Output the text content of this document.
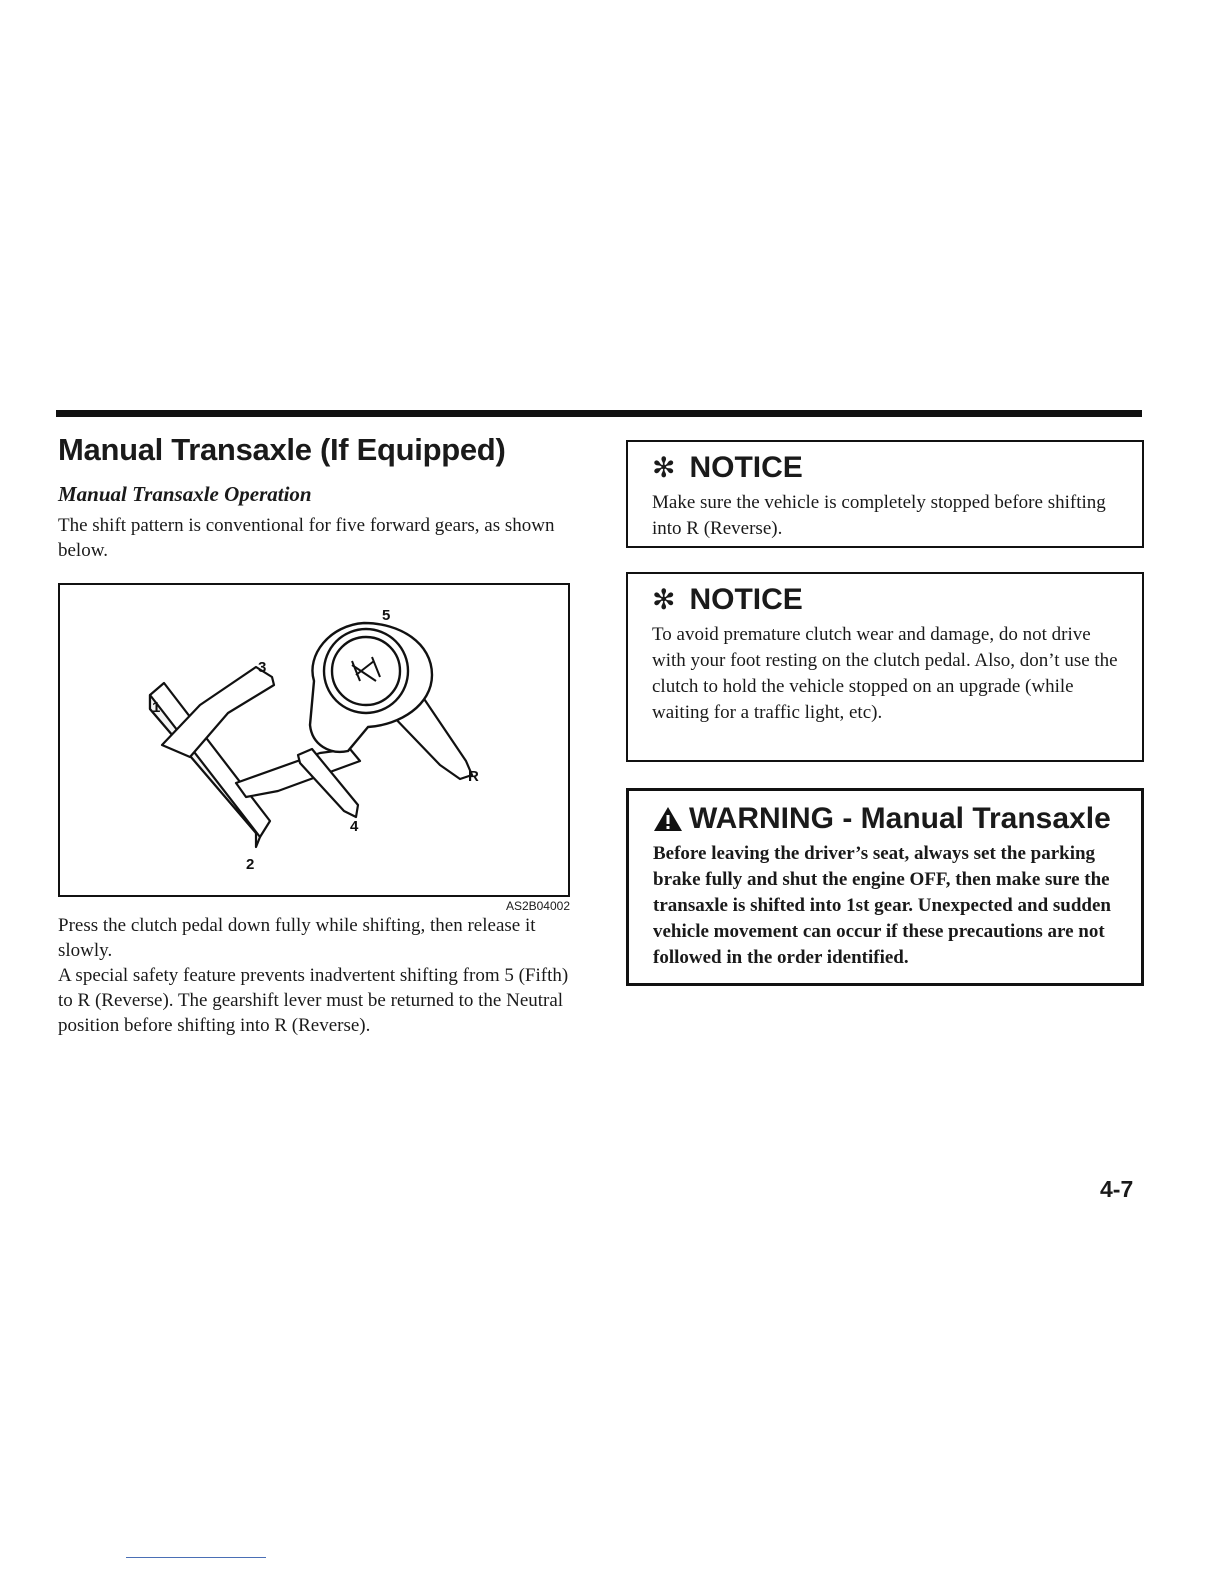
Manual Transaxle (If Equipped)
Manual Transaxle Operation

The shift pattern is conventional for five forward gears, as shown below.

1
2
3
4
5
R
AS2B04002

Press the clutch pedal down fully while shifting, then release it slowly.

A special safety feature prevents inadvertent shifting from 5 (Fifth) to R (Reverse). The gearshift lever must be returned to the Neutral position before shifting into R (Reverse).

✻ NOTICE
Make sure the vehicle is completely stopped before shifting into R (Reverse).
✻ NOTICE
To avoid premature clutch wear and damage, do not drive with your foot resting on the clutch pedal. Also, don’t use the clutch to hold the vehicle stopped on an upgrade (while waiting for a traffic light, etc).
WARNING - Manual Transaxle
Before leaving the driver’s seat, always set the parking brake fully and shut the engine OFF, then make sure the transaxle is shifted into 1st gear. Unexpected and sudden vehicle movement can occur if these precautions are not followed in the order identified.
4-7
